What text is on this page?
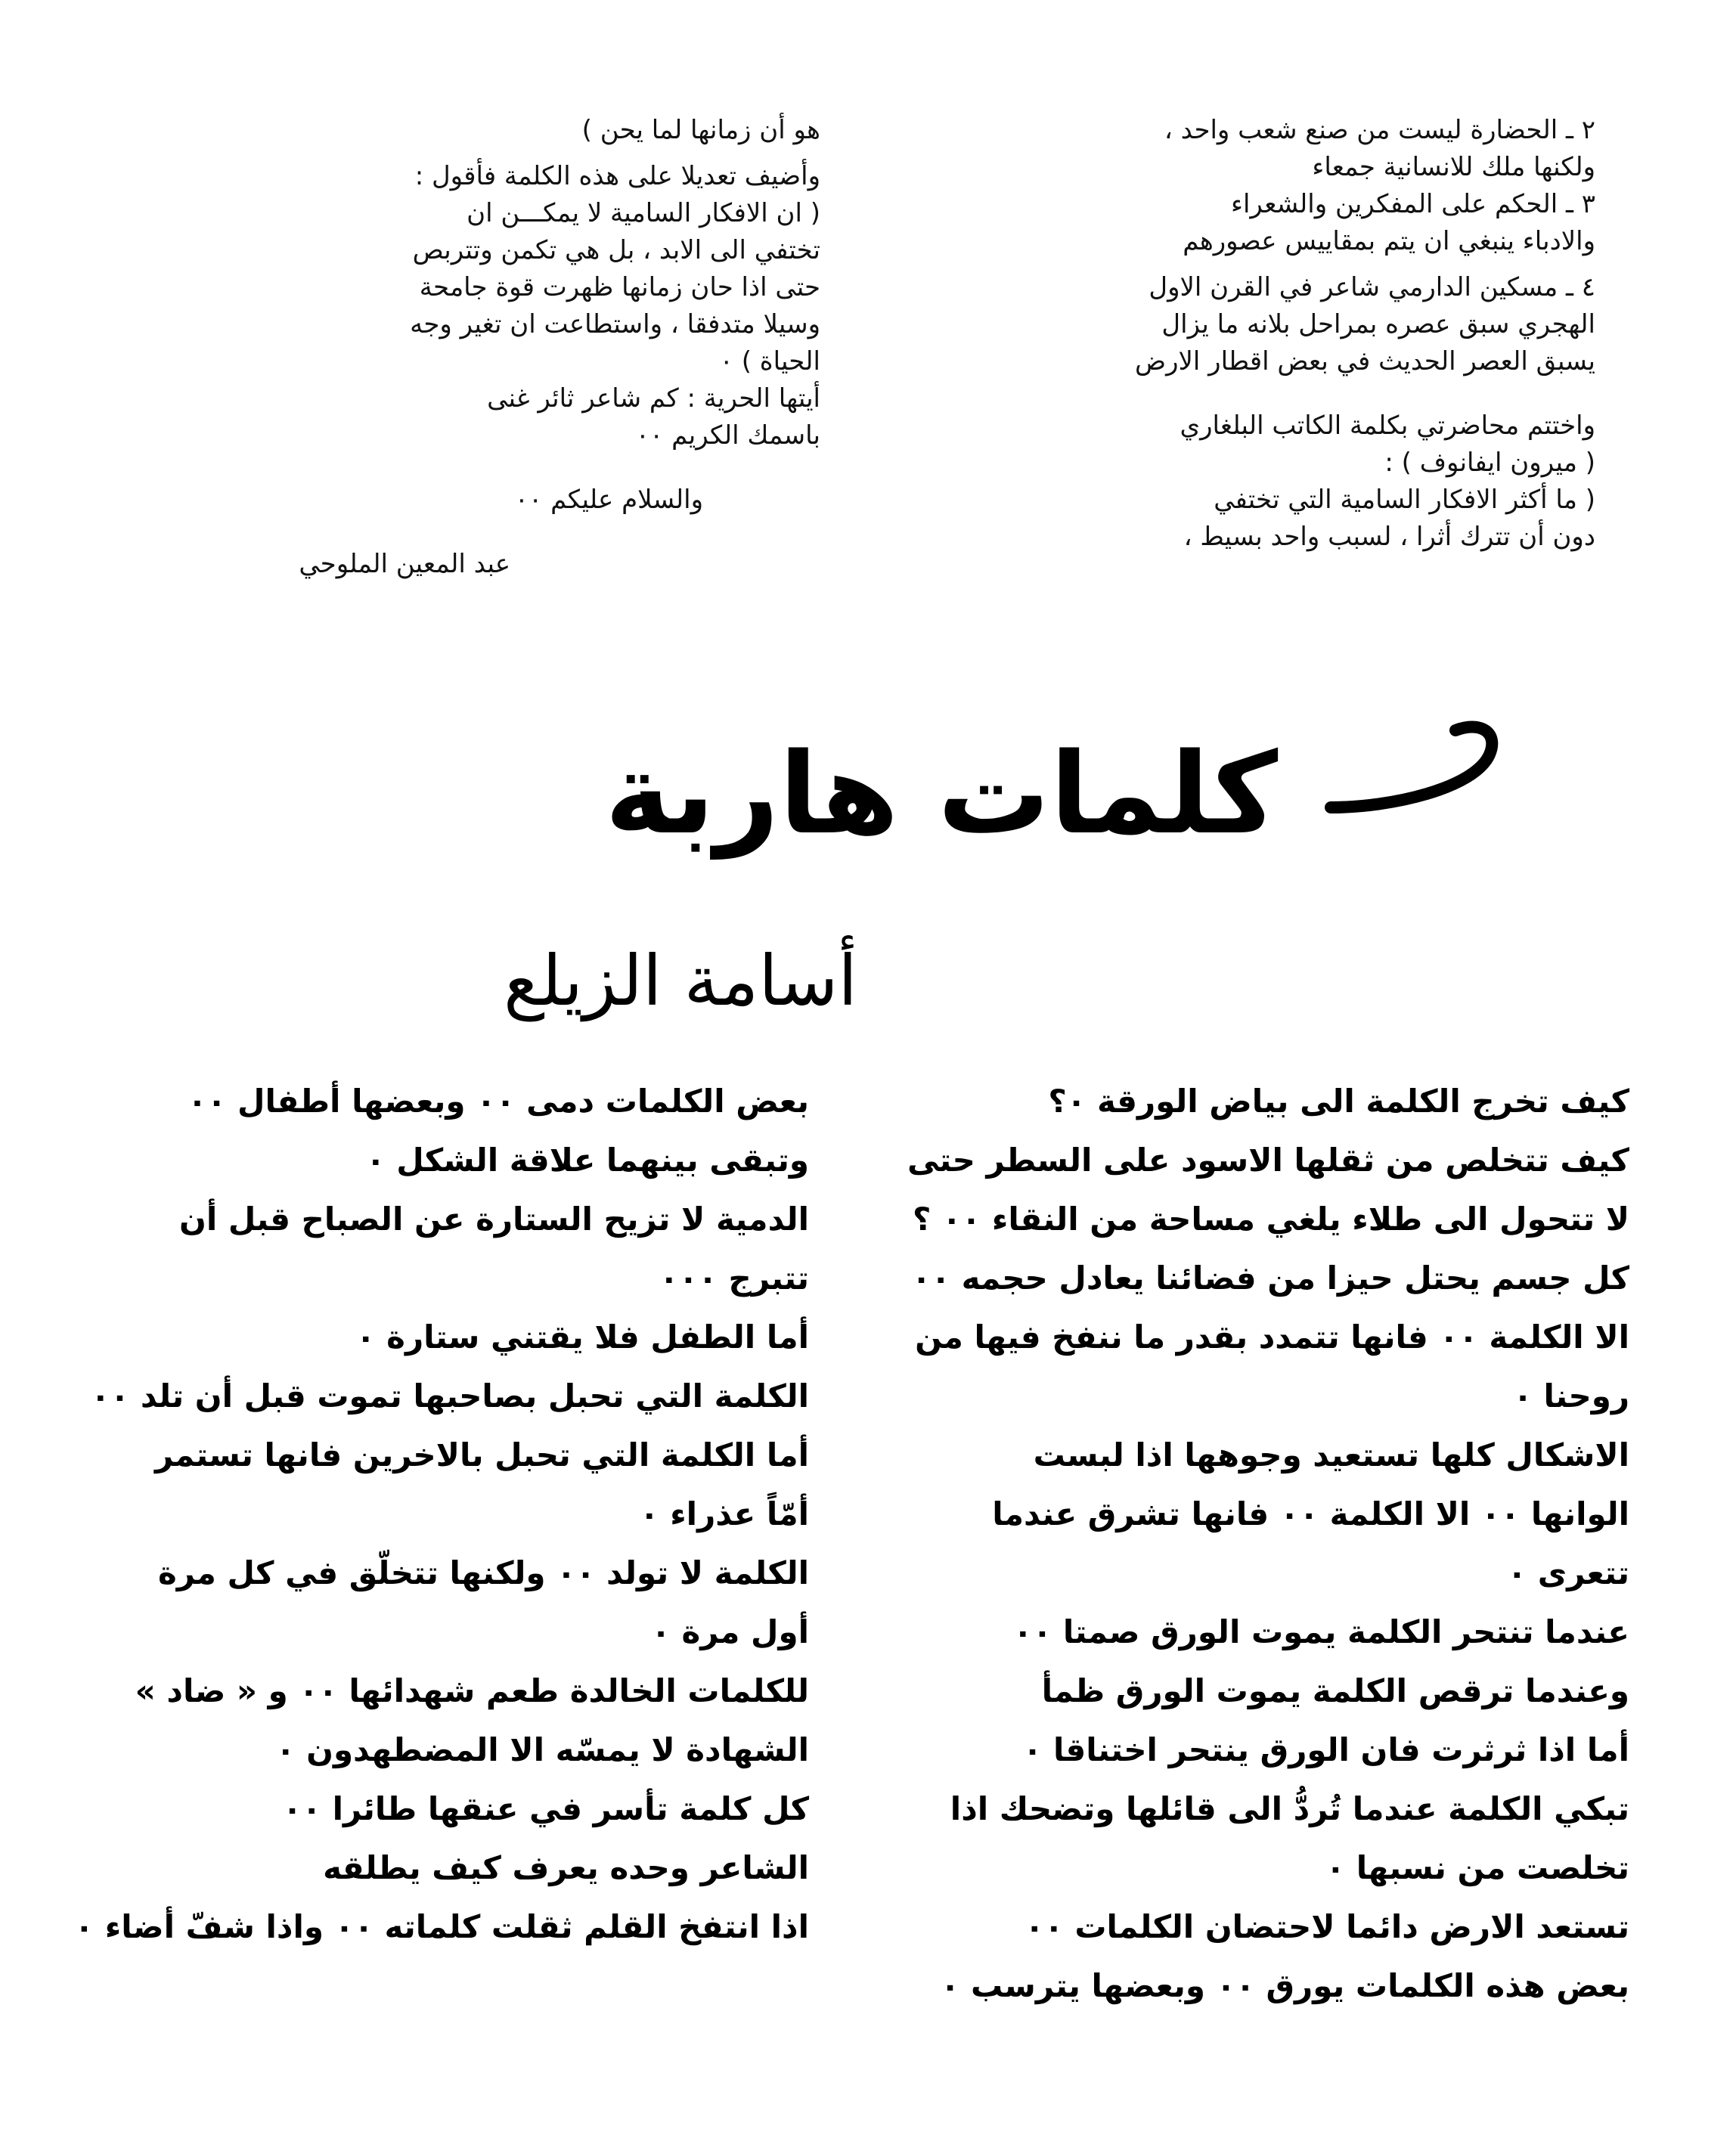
٢ ـ الحضارة ليست من صنع شعب واحد ،
ولكنها ملك للانسانية جمعاء
٣ ـ الحكم على المفكرين والشعراء
والادباء ينبغي ان يتم بمقاييس عصورهم
٤ ـ مسكين الدارمي شاعر في القرن الاول
الهجري سبق عصره بمراحل بلانه ما يزال
يسبق العصر الحديث في بعض اقطار الارض
واختتم محاضرتي بكلمة الكاتب البلغاري
( ميرون ايفانوف ) :
( ما أكثر الافكار السامية التي تختفي
دون أن تترك أثرا ، لسبب واحد بسيط ،
هو أن زمانها لما يحن )
وأضيف تعديلا على هذه الكلمة فأقول :
( ان الافكار السامية لا يمكـــن ان
تختفي الى الابد ، بل هي تكمن وتتربص
حتى اذا حان زمانها ظهرت قوة جامحة
وسيلا متدفقا ، واستطاعت ان تغير وجه
الحياة ) ٠
أيتها الحرية : كم شاعر ثائر غنى
باسمك الكريم ٠٠
والسلام عليكم ٠٠
عبد المعين الملوحي
كلمات هاربة
أسامة الزيلع
كيف تخرج الكلمة الى بياض الورقة ٠؟
كيف تتخلص من ثقلها الاسود على السطر حتى
لا تتحول الى طلاء يلغي مساحة من النقاء ٠٠ ؟
كل جسم يحتل حيزا من فضائنا يعادل حجمه ٠٠
الا الكلمة ٠٠ فانها تتمدد بقدر ما ننفخ فيها من
روحنا ٠
الاشكال كلها تستعيد وجوهها اذا لبست
الوانها ٠٠ الا الكلمة ٠٠ فانها تشرق عندما
تتعرى ٠
عندما تنتحر الكلمة يموت الورق صمتا ٠٠
وعندما ترقص الكلمة يموت الورق ظمأ
أما اذا ثرثرت فان الورق ينتحر اختناقا ٠
تبكي الكلمة عندما تُردُّ الى قائلها وتضحك اذا
تخلصت من نسبها ٠
تستعد الارض دائما لاحتضان الكلمات ٠٠
بعض هذه الكلمات يورق ٠٠ وبعضها يترسب ٠
بعض الكلمات دمى ٠٠ وبعضها أطفال ٠٠
وتبقى بينهما علاقة الشكل ٠
الدمية لا تزيح الستارة عن الصباح قبل أن
تتبرج ٠٠٠
أما الطفل فلا يقتني ستارة ٠
الكلمة التي تحبل بصاحبها تموت قبل أن تلد ٠٠
أما الكلمة التي تحبل بالاخرين فانها تستمر
أمّاً عذراء ٠
الكلمة لا تولد ٠٠ ولكنها تتخلّق في كل مرة
أول مرة ٠
للكلمات الخالدة طعم شهدائها ٠٠ و « ضاد »
الشهادة لا يمسّه الا المضطهدون ٠
كل كلمة تأسر في عنقها طائرا ٠٠
الشاعر وحده يعرف كيف يطلقه
اذا انتفخ القلم ثقلت كلماته ٠٠ واذا شفّ أضاء ٠
